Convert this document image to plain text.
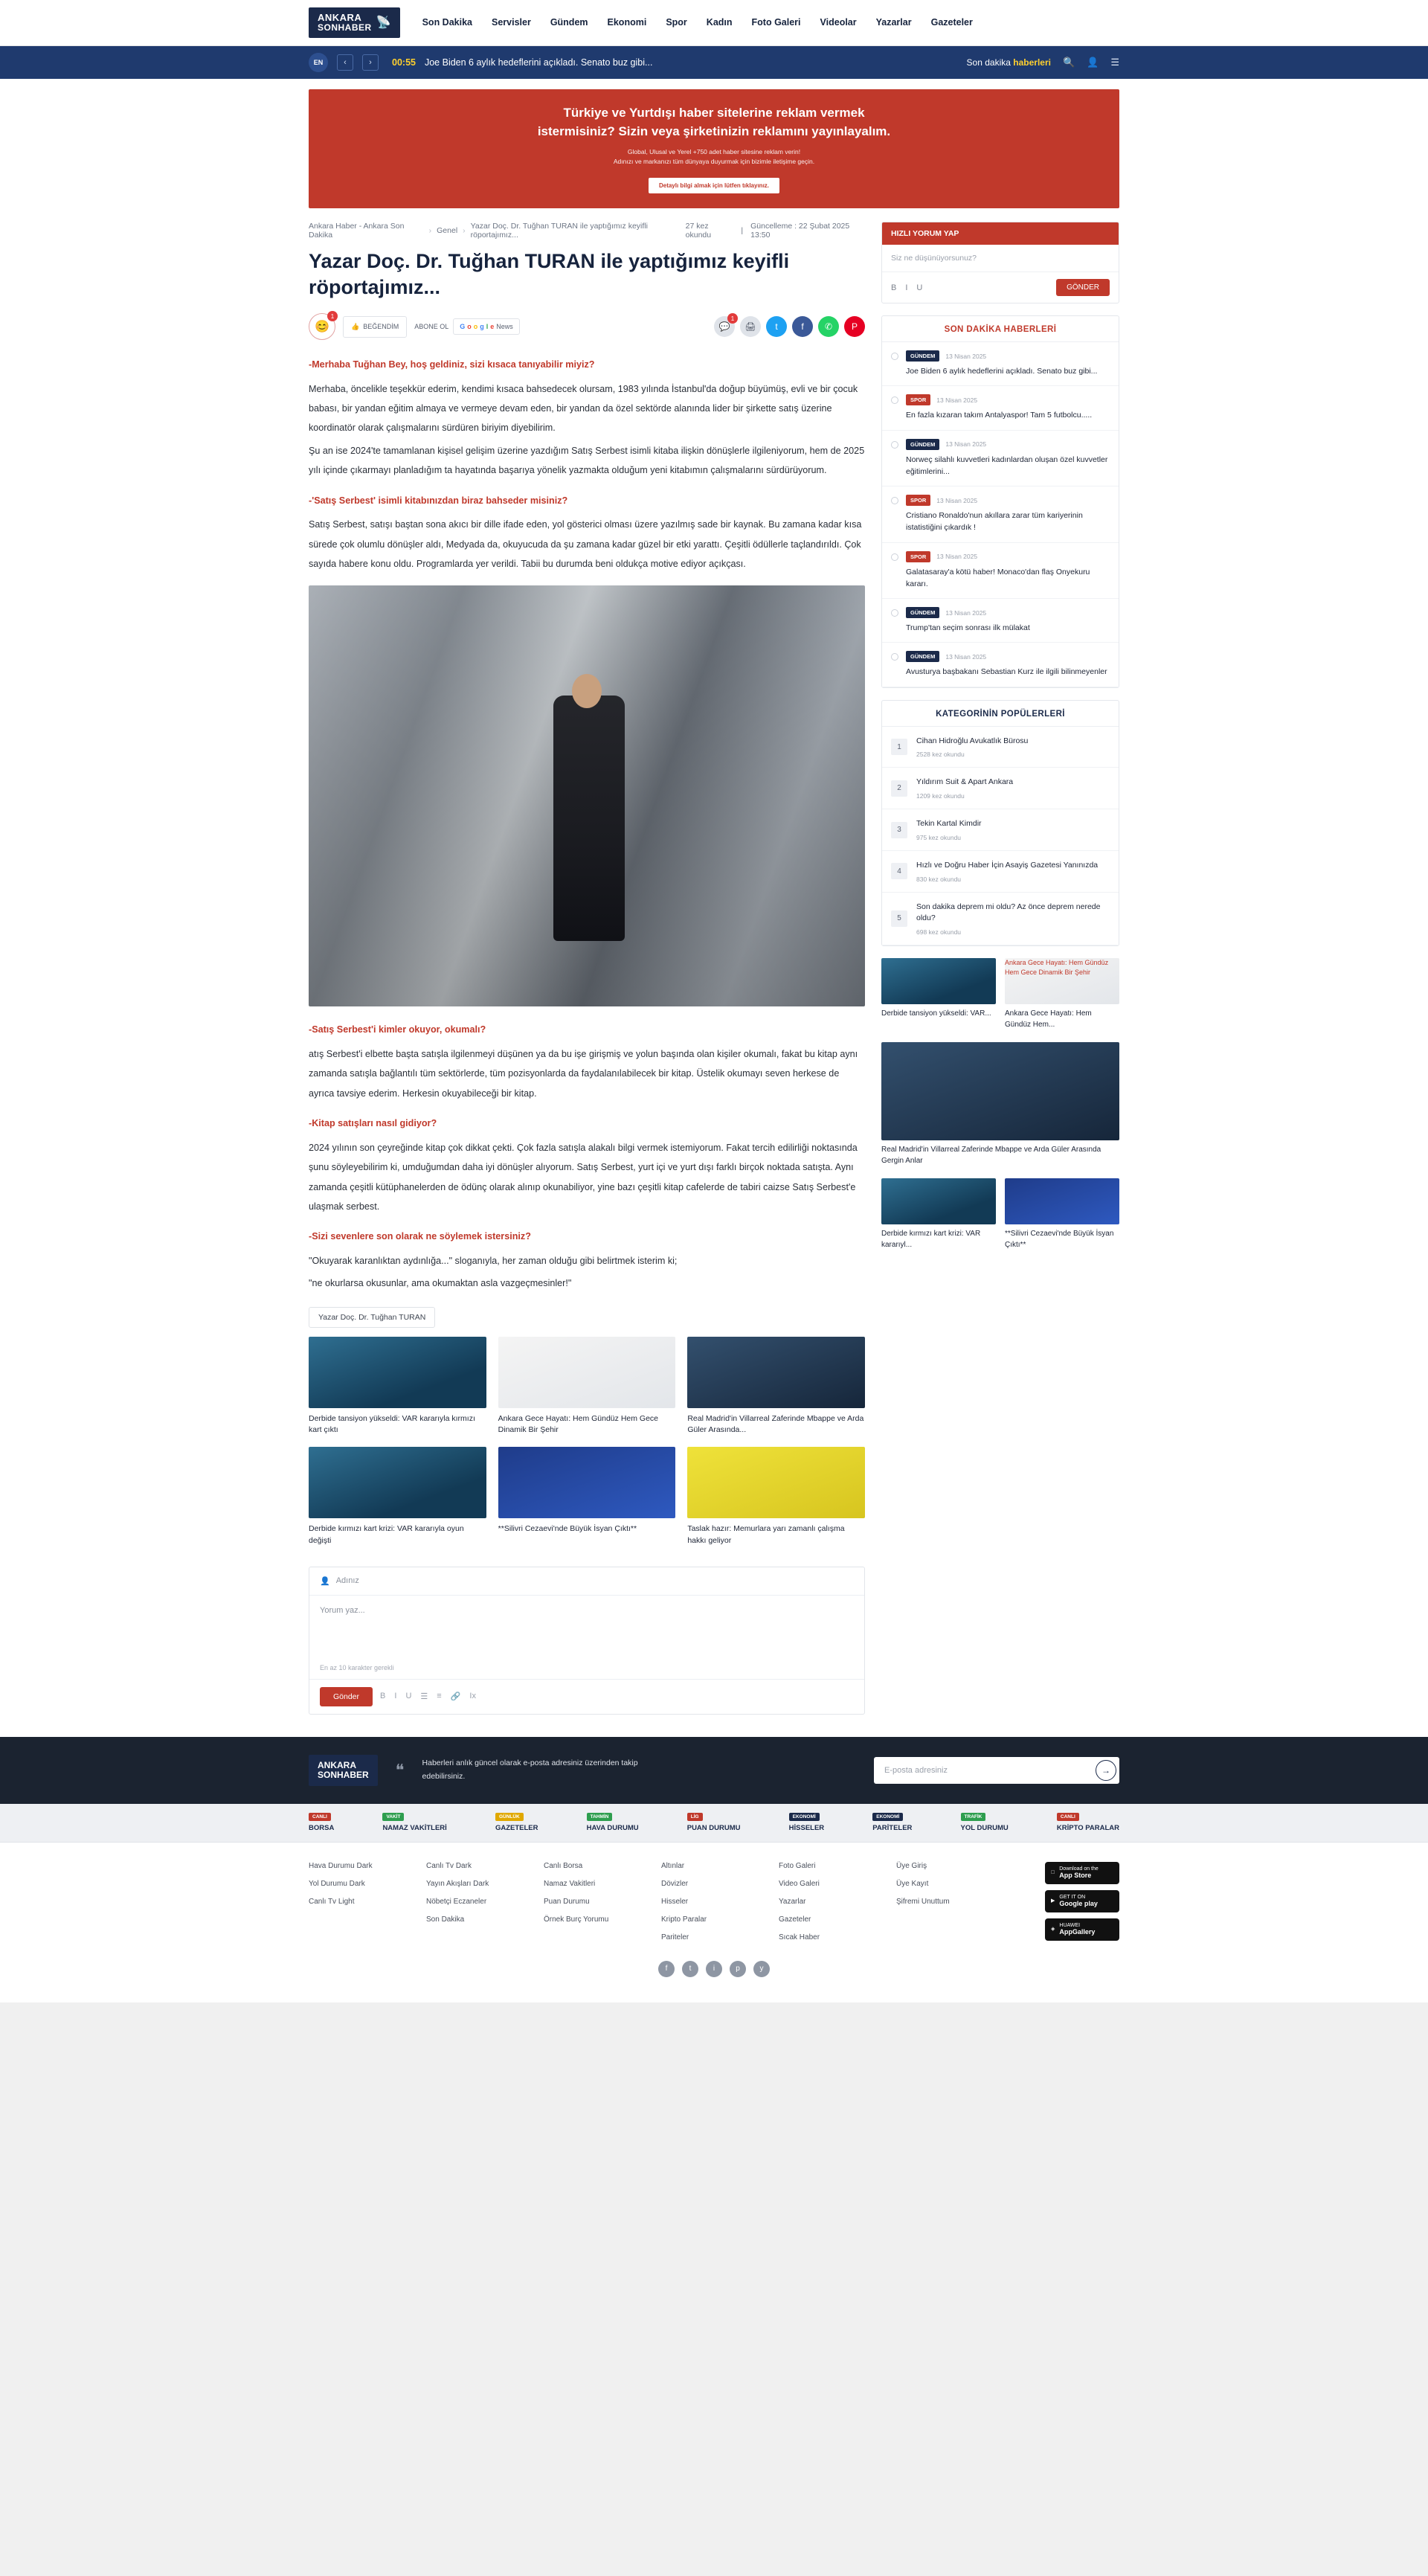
ANKARA
SONHABER 📡	Son Dakika Servisler Gündem Ekonomi Spor Kadın Foto Galeri Videolar Yazarlar Gazeteler
EN	‹	›	00:55 Joe Biden 6 aylık hedeflerini açıkladı. Senato buz gibi...	Son dakika haberleri 🔍 👤 ☰
Türkiye ve Yurtdışı haber sitelerine reklam vermek
istermisiniz? Sizin veya şirketinizin reklamını yayınlayalım.

Global, Ulusal ve Yerel +750 adet haber sitesine reklam verin!
Adınızı ve markanızı tüm dünyaya duyurmak için bizimle iletişime geçin.

Detaylı bilgi almak için lütfen tıklayınız.
Ankara Haber - Ankara Son Dakika	› Genel › Yazar Doç. Dr. Tuğhan TURAN ile yaptığımız keyifli röportajımız...
27 kez okundu	| Güncelleme : 22 Şubat 2025 13:50
Yazar Doç. Dr. Tuğhan TURAN ile yaptığımız keyifli röportajımız...
😊
1
👍 BEĞENDİM ABONE OL G o o g l e News	💬
1
🖨	t	f	✆	P
-Merhaba Tuğhan Bey, hoş geldiniz, sizi kısaca tanıyabilir miyiz?

Merhaba, öncelikle teşekkür ederim, kendimi kısaca bahsedecek olursam, 1983 yılında İstanbul'da doğup büyümüş, evli ve bir çocuk babası, bir yandan eğitim almaya ve vermeye devam eden, bir yandan da özel sektörde alanında lider bir şirkette satış üzerine koordinatör olarak çalışmalarını sürdüren biriyim diyebilirim.

Şu an ise 2024'te tamamlanan kişisel gelişim üzerine yazdığım Satış Serbest isimli kitaba ilişkin dönüşlerle ilgileniyorum, hem de 2025 yılı içinde çıkarmayı planladığım ta hayatında başarıya yönelik yazmakta olduğum yeni kitabımın çalışmalarını sürdürüyorum.

-'Satış Serbest' isimli kitabınızdan biraz bahseder misiniz?

Satış Serbest, satışı baştan sona akıcı bir dille ifade eden, yol gösterici olması üzere yazılmış sade bir kaynak. Bu zamana kadar kısa sürede çok olumlu dönüşler aldı, Medyada da, okuyucuda da şu zamana kadar güzel bir etki yarattı. Çeşitli ödüllerle taçlandırıldı. Çok sayıda habere konu oldu. Programlarda yer verildi. Tabii bu durumda beni oldukça motive ediyor açıkçası.

-Satış Serbest'i kimler okuyor, okumalı?

atış Serbest'i elbette başta satışla ilgilenmeyi düşünen ya da bu işe girişmiş ve yolun başında olan kişiler okumalı, fakat bu kitap aynı zamanda satışla bağlantılı tüm sektörlerde, tüm pozisyonlarda da faydalanılabilecek bir kitap. Üstelik okumayı seven herkese de ayrıca tavsiye ederim. Herkesin okuyabileceği bir kitap.

-Kitap satışları nasıl gidiyor?

2024 yılının son çeyreğinde kitap çok dikkat çekti. Çok fazla satışla alakalı bilgi vermek istemiyorum. Fakat tercih edilirliği noktasında şunu söyleyebilirim ki, umduğumdan daha iyi dönüşler alıyorum. Satış Serbest, yurt içi ve yurt dışı farklı birçok noktada satışta. Aynı zamanda çeşitli kütüphanelerden de ödünç olarak alınıp okunabiliyor, yine bazı çeşitli kitap cafelerde de tabiri caizse Satış Serbest'e ulaşmak serbest.

-Sizi sevenlere son olarak ne söylemek istersiniz?

"Okuyarak karanlıktan aydınlığa..." sloganıyla, her zaman olduğu gibi belirtmek isterim ki;

"ne okurlarsa okusunlar, ama okumaktan asla vazgeçmesinler!"

Yazar Doç. Dr. Tuğhan TURAN
Derbide tansiyon yükseldi: VAR kararıyla kırmızı kart çıktı
Ankara Gece Hayatı: Hem Gündüz Hem Gece Dinamik Bir Şehir
Real Madrid'in Villarreal Zaferinde Mbappe ve Arda Güler Arasında...
Derbide kırmızı kart krizi: VAR kararıyla oyun değişti
**Silivri Cezaevi'nde Büyük İsyan Çıktı**	Taslak hazır: Memurlara yarı zamanlı çalışma hakkı geliyor
👤 Adınız
Yorum yaz...
En az 10 karakter gerekli
Gönder	B I U ☰ ≡ 🔗 Ix
HIZLI YORUM YAP
Siz ne düşünüyorsunuz?
B I U	GÖNDER
SON DAKİKA HABERLERİ
GÜNDEM	13 Nisan 2025
Joe Biden 6 aylık hedeflerini açıkladı. Senato buz gibi...
SPOR	13 Nisan 2025
En fazla kızaran takım Antalyaspor! Tam 5 futbolcu.....
GÜNDEM	13 Nisan 2025
Norweç silahlı kuvvetleri kadınlardan oluşan özel kuvvetler eğitimlerini...
SPOR	13 Nisan 2025
Cristiano Ronaldo'nun akıllara zarar tüm kariyerinin istatistiğini çıkardık !
SPOR	13 Nisan 2025
Galatasaray'a kötü haber! Monaco'dan flaş Onyekuru kararı.
GÜNDEM	13 Nisan 2025
Trump'tan seçim sonrası ilk mülakat
GÜNDEM	13 Nisan 2025
Avusturya başbakanı Sebastian Kurz ile ilgili bilinmeyenler
KATEGORİNİN POPÜLERLERİ
1
Cihan Hidroğlu Avukatlık Bürosu
2528 kez okundu
2
Yıldırım Suit & Apart Ankara
1209 kez okundu
3
Tekin Kartal Kimdir
975 kez okundu
4
Hızlı ve Doğru Haber İçin Asayiş Gazetesi Yanınızda
830 kez okundu
5
Son dakika deprem mi oldu? Az önce deprem nerede oldu?
698 kez okundu
Derbide tansiyon yükseldi: VAR...
Ankara Gece Hayatı: Hem Gündüz Hem Gece Dinamik Bir Şehir
Ankara Gece Hayatı: Hem Gündüz Hem...
Real Madrid'in Villarreal Zaferinde Mbappe ve Arda Güler Arasında Gergin Anlar
Derbide kırmızı kart krizi: VAR kararıyl...
**Silivri Cezaevi'nde Büyük İsyan Çıktı**
ANKARA
SONHABER	❝ Haberleri anlık güncel olarak e-posta adresiniz üzerinden takip edebilirsiniz.
E-posta adresiniz	→
CANLI
BORSA
VAKİT
NAMAZ VAKİTLERİ
GÜNLÜK
GAZETELER
TAHMİN
HAVA DURUMU
LİG
PUAN DURUMU
EKONOMİ
HİSSELER
EKONOMİ
PARİTELER
TRAFİK
YOL DURUMU
CANLI
KRİPTO PARALAR
Hava Durumu Dark
Yol Durumu Dark
Canlı Tv Light
Canlı Tv Dark
Yayın Akışları Dark
Nöbetçi Eczaneler
Son Dakika
Canlı Borsa
Namaz Vakitleri
Puan Durumu
Örnek Burç Yorumu
Altınlar
Dövizler
Hisseler
Kripto Paralar
Pariteler
Foto Galeri
Video Galeri
Yazarlar
Gazeteler
Sıcak Haber
Üye Giriş
Üye Kayıt
Şifremi Unuttum
Download on the
App Store
▶
GET IT ON
Google play
◈
HUAWEI
AppGallery
f	t	i	p	y
